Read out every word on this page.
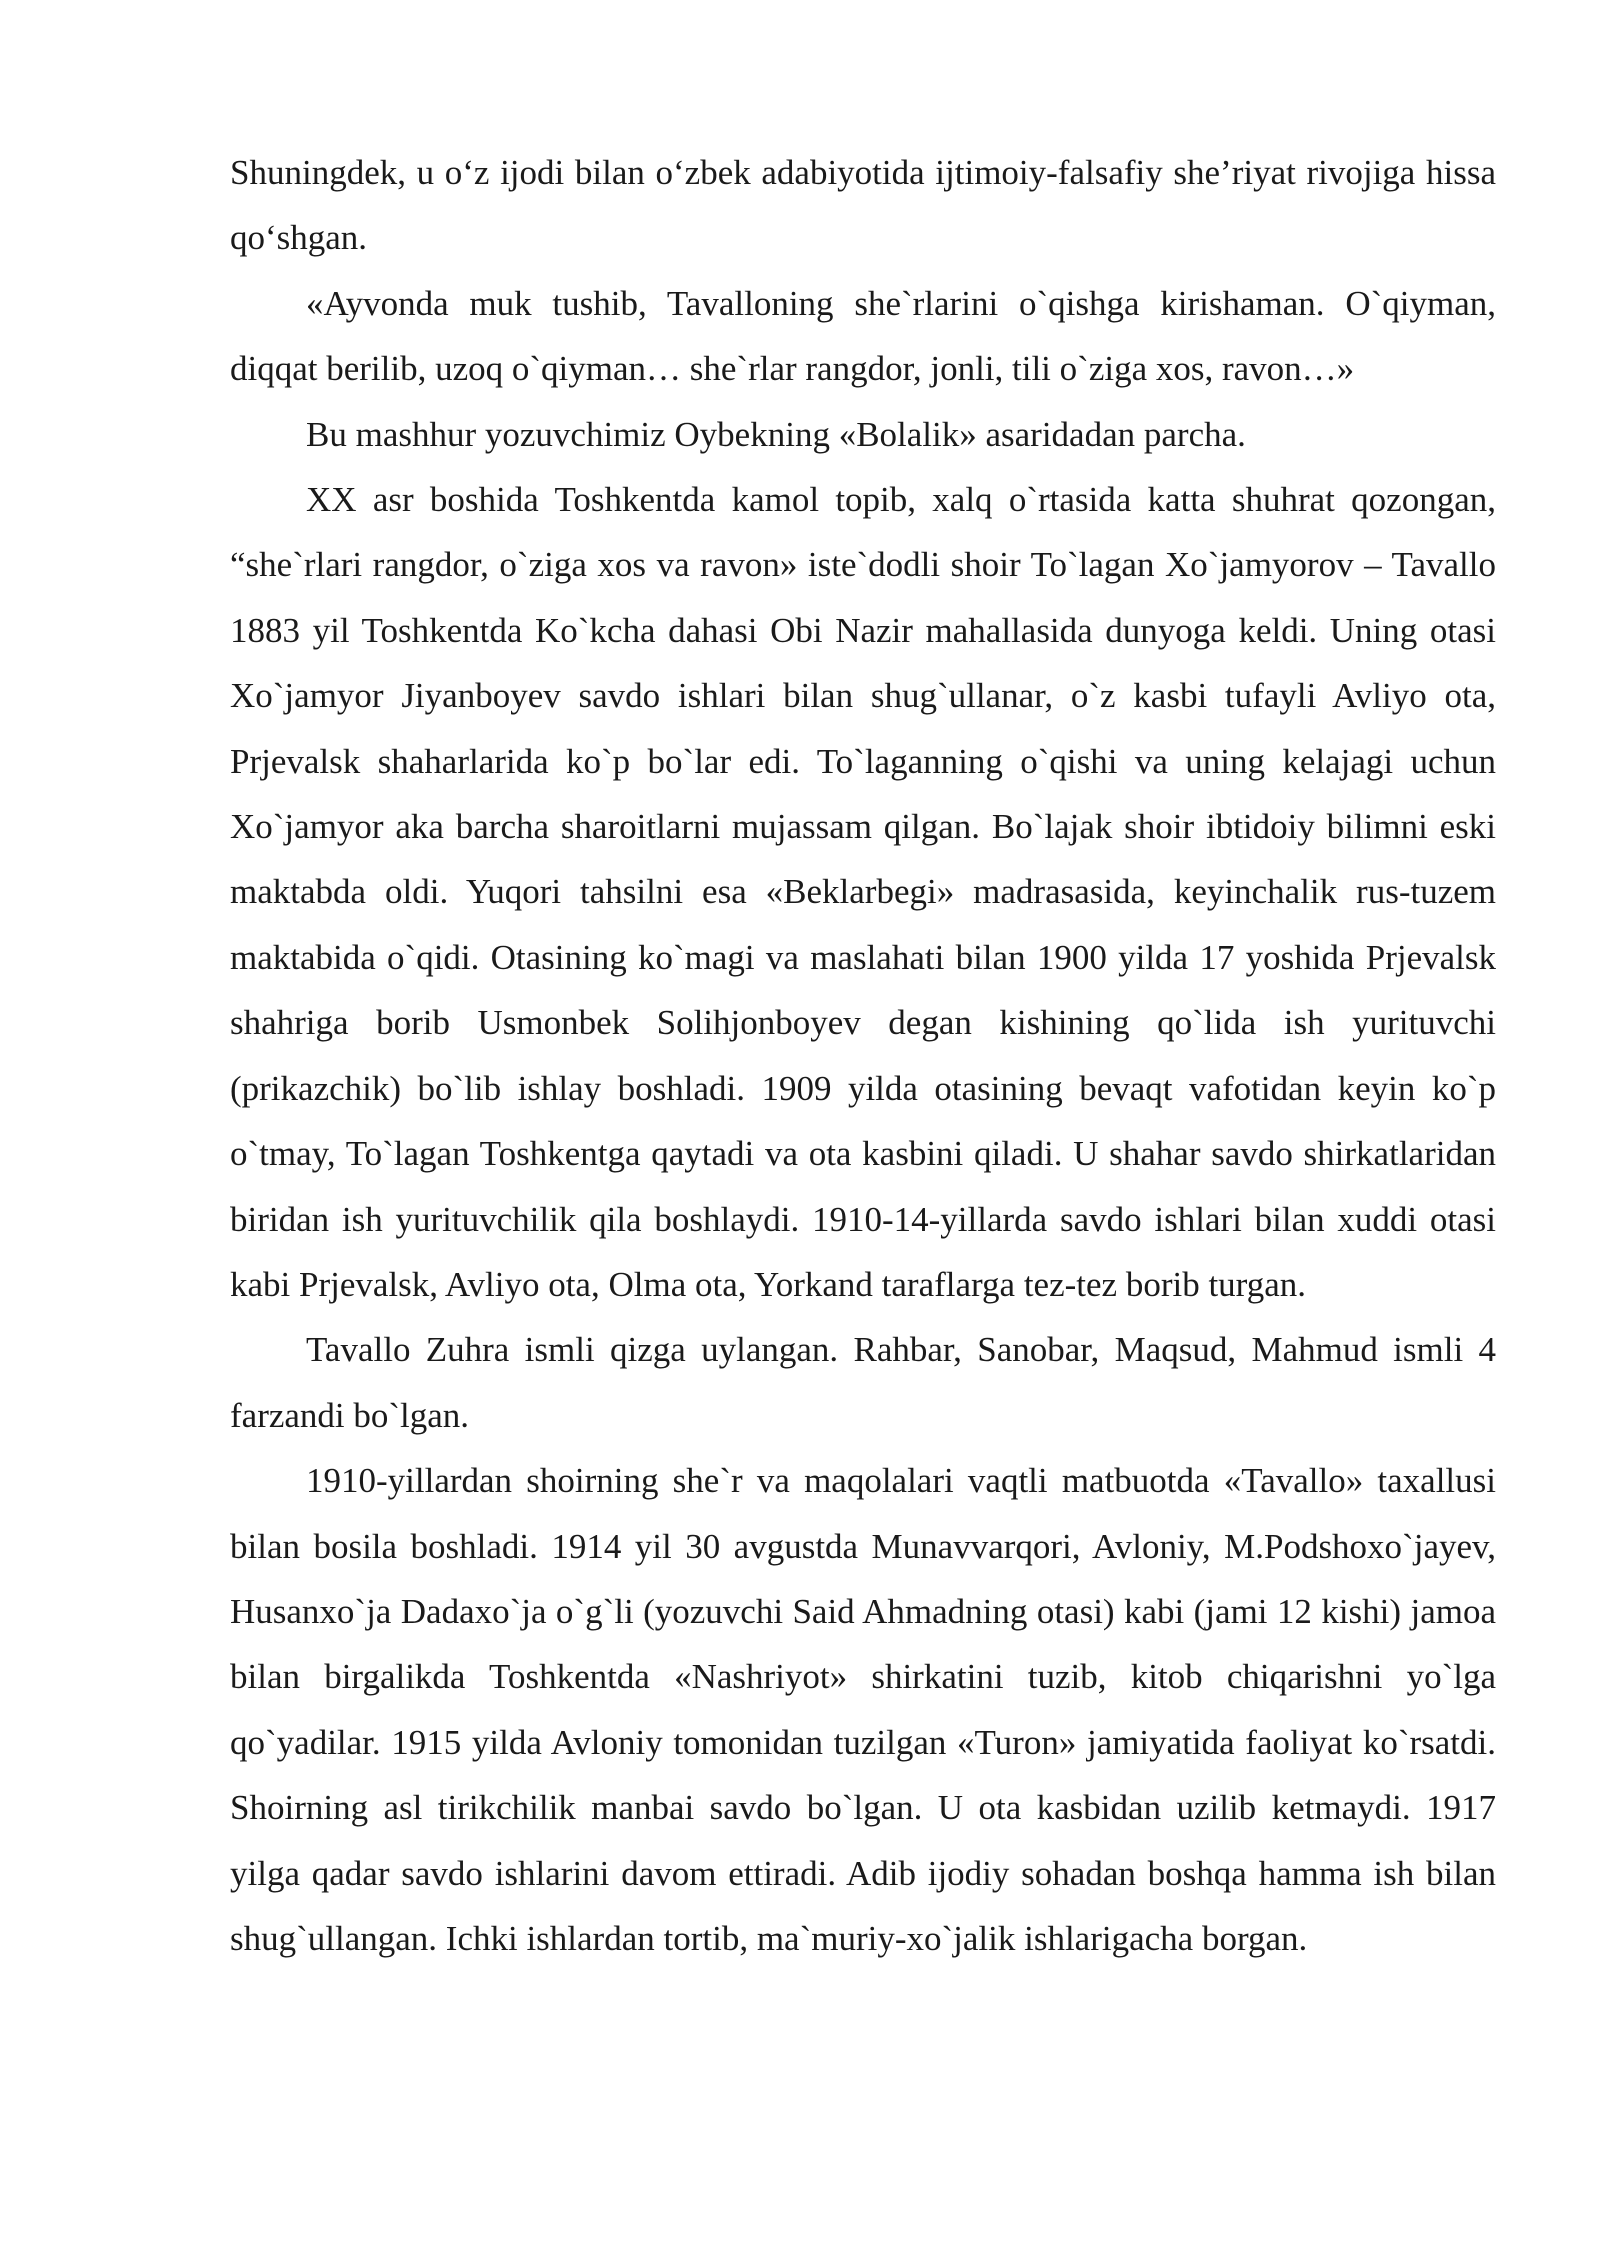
Shuningdek, u o‘z ijodi bilan o‘zbek adabiyotida ijtimoiy-falsafiy she’riyat rivojiga hissa qo‘shgan.

«Ayvonda muk tushib, Tavalloning she`rlarini o`qishga kirishaman. O`qiyman, diqqat berilib, uzoq o`qiyman… she`rlar rangdor, jonli, tili o`ziga xos, ravon…»

Bu mashhur yozuvchimiz Oybekning «Bolalik» asaridadan parcha.

XX asr boshida Toshkentda kamol topib, xalq o`rtasida katta shuhrat qozongan, “she`rlari rangdor, o`ziga xos va ravon» iste`dodli shoir To`lagan Xo`jamyorov – Tavallo 1883 yil Toshkentda Ko`kcha dahasi Obi Nazir mahallasida dunyoga keldi. Uning otasi Xo`jamyor Jiyanboyev savdo ishlari bilan shug`ullanar, o`z kasbi tufayli Avliyo ota, Prjevalsk shaharlarida ko`p bo`lar edi. To`laganning o`qishi va uning kelajagi uchun Xo`jamyor aka barcha sharoitlarni mujassam qilgan. Bo`lajak shoir ibtidoiy bilimni eski maktabda oldi. Yuqori tahsilni esa «Beklarbegi» madrasasida, keyinchalik rus-tuzem maktabida o`qidi. Otasining ko`magi va maslahati bilan 1900 yilda 17 yoshida Prjevalsk shahriga borib Usmonbek Solihjonboyev degan kishining qo`lida ish yurituvchi (prikazchik) bo`lib ishlay boshladi. 1909 yilda otasining bevaqt vafotidan keyin ko`p o`tmay, To`lagan Toshkentga qaytadi va ota kasbini qiladi. U shahar savdo shirkatlaridan biridan ish yurituvchilik qila boshlaydi. 1910-14-yillarda savdo ishlari bilan xuddi otasi kabi Prjevalsk, Avliyo ota, Olma ota, Yorkand taraflarga tez-tez borib turgan.

Tavallo Zuhra ismli qizga uylangan. Rahbar, Sanobar, Maqsud, Mahmud ismli 4 farzandi bo`lgan.

1910-yillardan shoirning she`r va maqolalari vaqtli matbuotda «Tavallo» taxallusi bilan bosila boshladi. 1914 yil 30 avgustda Munavvarqori, Avloniy, M.Podshoxo`jayev, Husanxo`ja Dadaxo`ja o`g`li (yozuvchi Said Ahmadning otasi) kabi (jami 12 kishi) jamoa bilan birgalikda Toshkentda «Nashriyot» shirkatini tuzib, kitob chiqarishni yo`lga qo`yadilar. 1915 yilda Avloniy tomonidan tuzilgan «Turon» jamiyatida faoliyat ko`rsatdi. Shoirning asl tirikchilik manbai savdo bo`lgan. U ota kasbidan uzilib ketmaydi. 1917 yilga qadar savdo ishlarini davom ettiradi. Adib ijodiy sohadan boshqa hamma ish bilan shug`ullangan. Ichki ishlardan tortib, ma`muriy-xo`jalik ishlarigacha borgan.
